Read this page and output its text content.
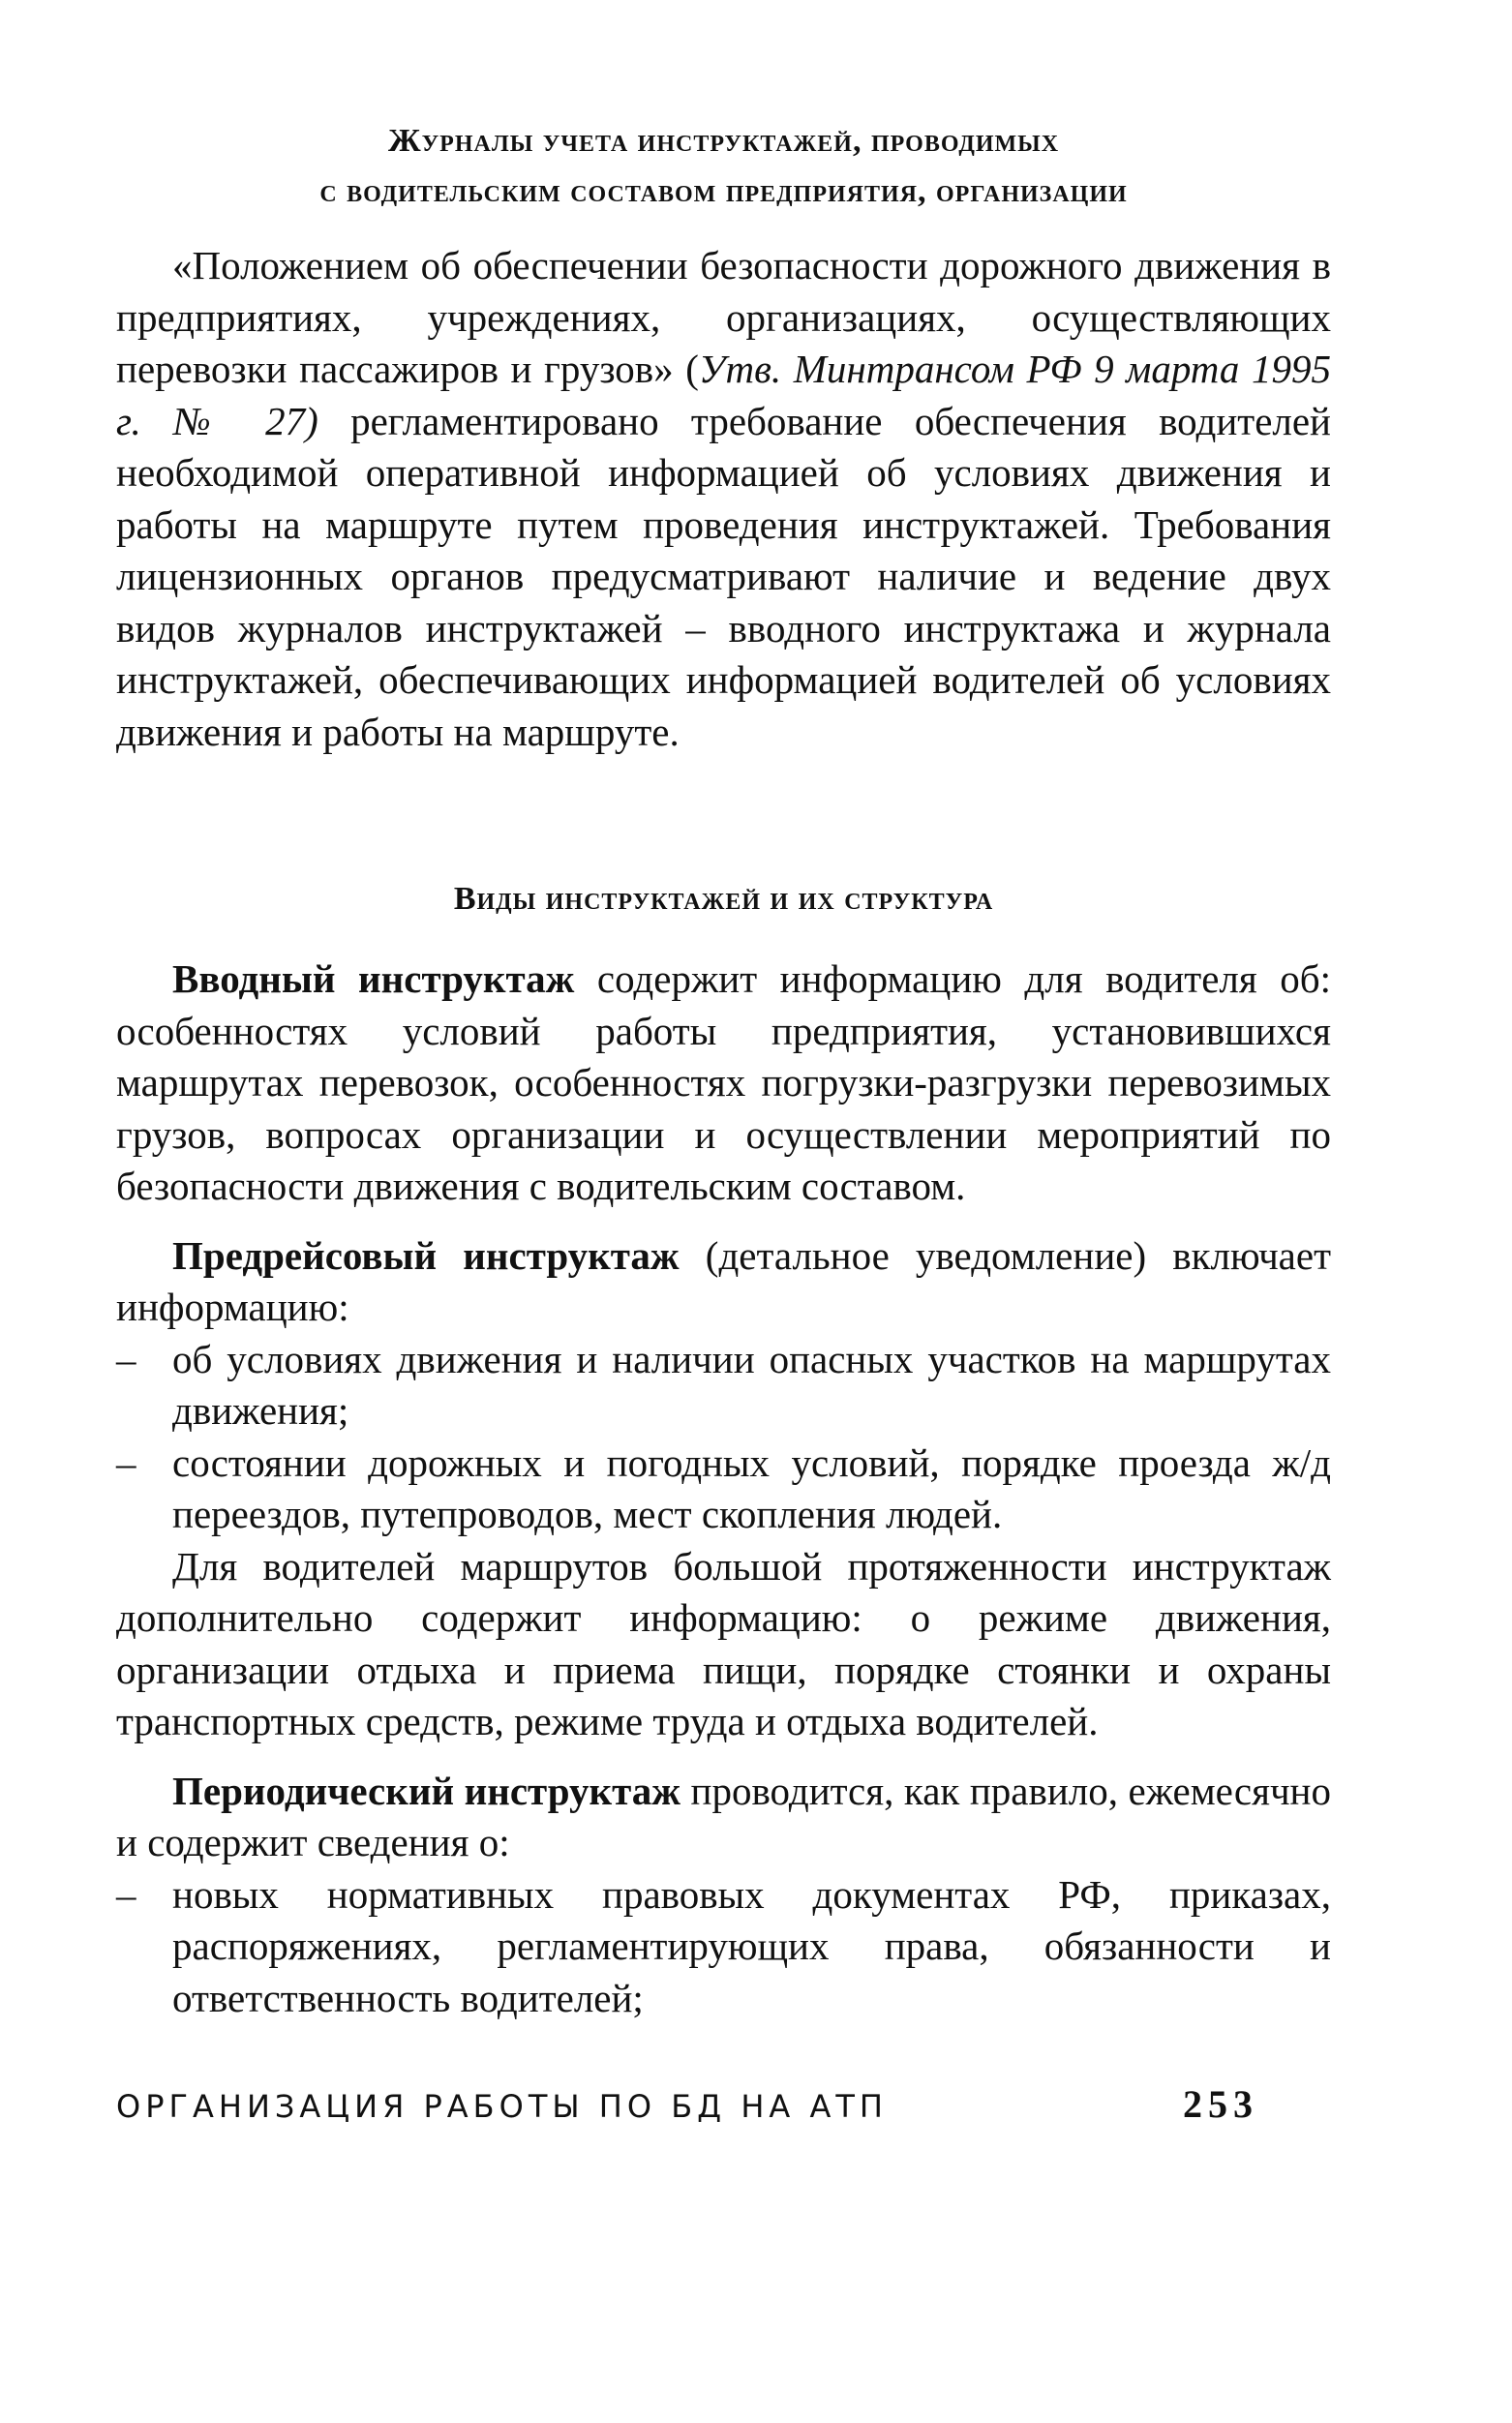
Журналы учета инструктажей, проводимых
с водительским составом предприятия, организации

«Положением об обеспечении безопасности дорожного движения в предприятиях, учреждениях, организациях, осуществляющих перевозки пассажиров и грузов» (Утв. Минтрансом РФ 9 марта 1995 г. № 27) регламентировано требование обеспечения водителей необходимой оперативной информацией об условиях движения и работы на маршруте путем проведения инструктажей. Требования лицензионных органов предусматривают наличие и ведение двух видов журналов инструктажей – вводного инструктажа и журнала инструктажей, обеспечивающих информацией водителей об условиях движения и работы на маршруте.

Виды инструктажей и их структура

Вводный инструктаж содержит информацию для водителя об: особенностях условий работы предприятия, установившихся маршрутах перевозок, особенностях погрузки-разгрузки перевозимых грузов, вопросах организации и осуществлении мероприятий по безопасности движения с водительским составом.

Предрейсовый инструктаж (детальное уведомление) включает информацию:

– об условиях движения и наличии опасных участков на маршрутах движения;
– состоянии дорожных и погодных условий, порядке проезда ж/д переездов, путепроводов, мест скопления людей.

Для водителей маршрутов большой протяженности инструктаж дополнительно содержит информацию: о режиме движения, организации отдыха и приема пищи, порядке стоянки и охраны транспортных средств, режиме труда и отдыха водителей.

Периодический инструктаж проводится, как правило, ежемесячно и содержит сведения о:

– новых нормативных правовых документах РФ, приказах, распоряжениях, регламентирующих права, обязанности и ответственность водителей;
ОРГАНИЗАЦИЯ РАБОТЫ ПО БД НА АТП	253
